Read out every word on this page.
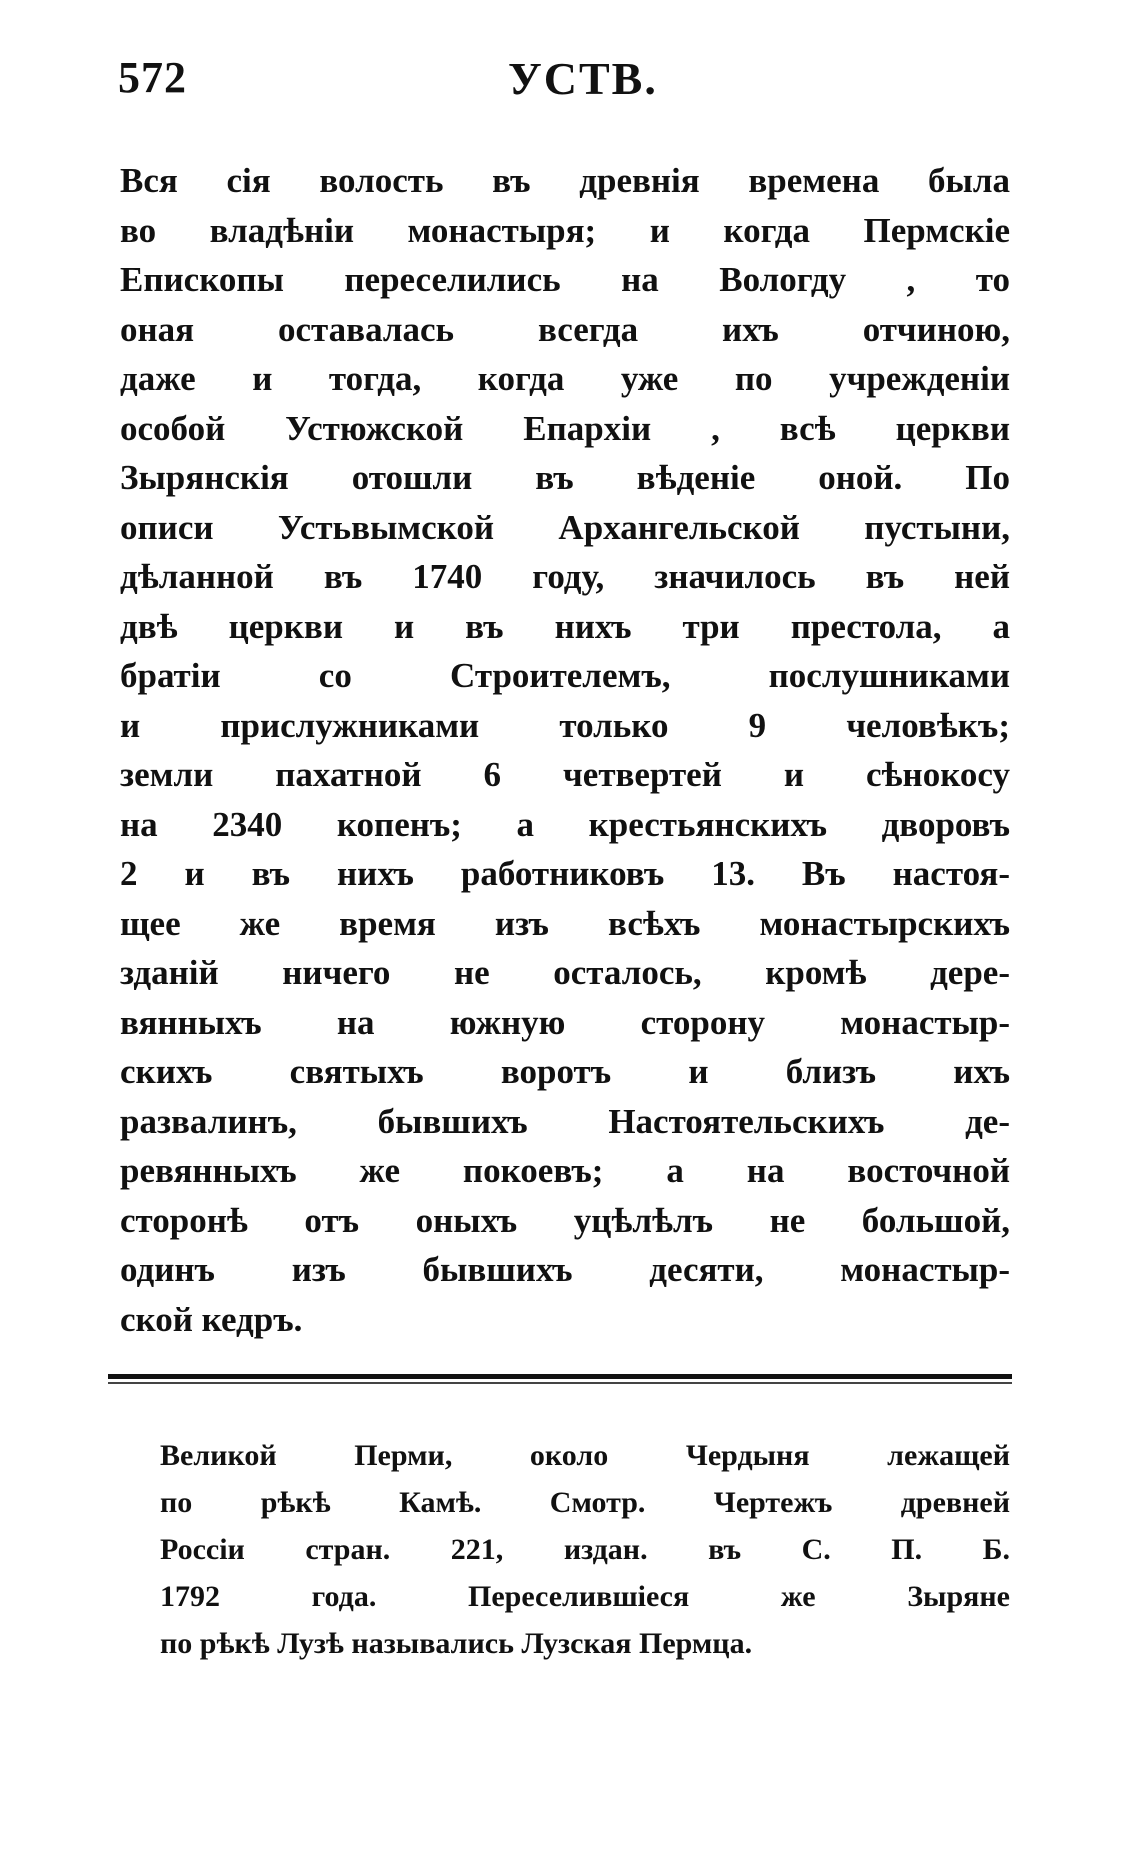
572	УСТВ.
Вся сія волость въ древнія времена была
во владѣніи монастыря; и когда Пермскіе
Епископы переселились на Вологду , то
оная оставалась всегда ихъ отчиною,
даже и тогда, когда уже по учрежденіи
особой Устюжской Епархіи , всѣ церкви
Зырянскія отошли въ вѣденіе оной. По
описи Устьвымской Архангельской пустыни,
дѣланной въ 1740 году, значилось въ ней
двѣ церкви и въ нихъ три престола, а
братіи со Строителемъ, послушниками
и прислужниками только 9 человѣкъ;
земли пахатной 6 четвертей и сѣнокосу
на 2340 копенъ; а крестьянскихъ дворовъ
2 и въ нихъ работниковъ 13. Въ настоя-
щее же время изъ всѣхъ монастырскихъ
зданій ничего не осталось, кромѣ дере-
вянныхъ на южную сторону монастыр-
скихъ святыхъ воротъ и близъ ихъ
развалинъ, бывшихъ Настоятельскихъ де-
ревянныхъ же покоевъ; а на восточной
сторонѣ отъ оныхъ уцѣлѣлъ не большой,
одинъ изъ бывшихъ десяти, монастыр-
ской кедръ.
Великой Перми, около Чердыня лежащей
по рѣкѣ Камѣ. Смотр. Чертежъ древней
Россіи стран. 221, издан. въ С. П. Б.
1792 года. Переселившіеся же Зыряне
по рѣкѣ Лузѣ назывались Лузская Пермца.
